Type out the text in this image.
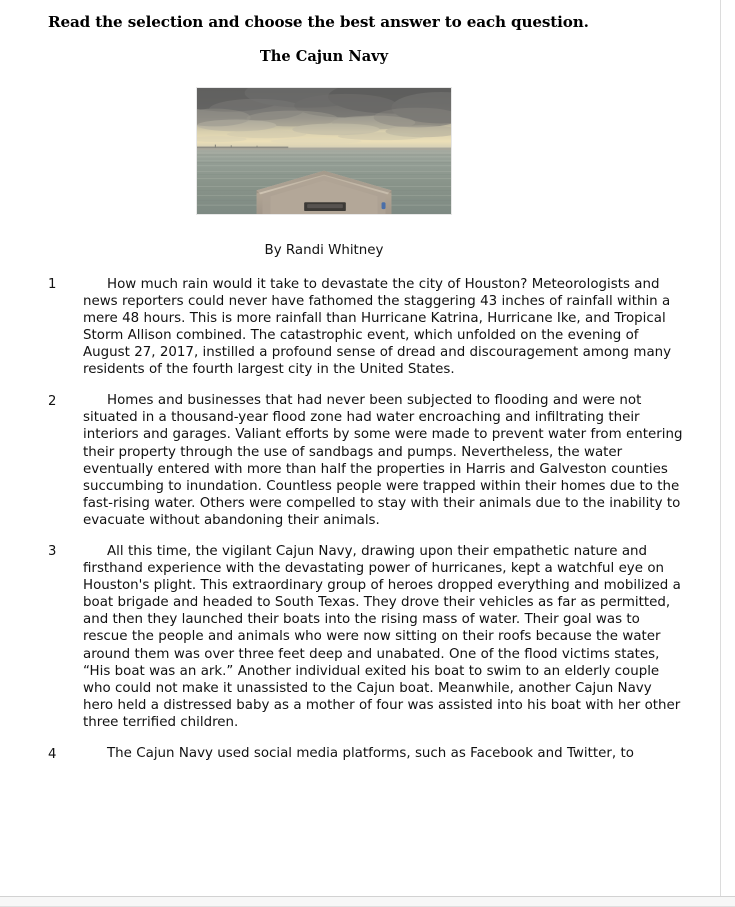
Read the selection and choose the best answer to each question.

The Cajun Navy

By Randi Whitney

1	How much rain would it take to devastate the city of Houston? Meteorologists and news reporters could never have fathomed the staggering 43 inches of rainfall within a mere 48 hours. This is more rainfall than Hurricane Katrina, Hurricane Ike, and Tropical Storm Allison combined. The catastrophic event, which unfolded on the evening of August 27, 2017, instilled a profound sense of dread and discouragement among many residents of the fourth largest city in the United States.
2	Homes and businesses that had never been subjected to flooding and were not situated in a thousand-year flood zone had water encroaching and infiltrating their interiors and garages. Valiant efforts by some were made to prevent water from entering their property through the use of sandbags and pumps. Nevertheless, the water eventually entered with more than half the properties in Harris and Galveston counties succumbing to inundation. Countless people were trapped within their homes due to the fast-rising water. Others were compelled to stay with their animals due to the inability to evacuate without abandoning their animals.
3	All this time, the vigilant Cajun Navy, drawing upon their empathetic nature and firsthand experience with the devastating power of hurricanes, kept a watchful eye on Houston's plight. This extraordinary group of heroes dropped everything and mobilized a boat brigade and headed to South Texas. They drove their vehicles as far as permitted, and then they launched their boats into the rising mass of water. Their goal was to rescue the people and animals who were now sitting on their roofs because the water around them was over three feet deep and unabated. One of the flood victims states, “His boat was an ark.” Another individual exited his boat to swim to an elderly couple who could not make it unassisted to the Cajun boat. Meanwhile, another Cajun Navy hero held a distressed baby as a mother of four was assisted into his boat with her other three terrified children.
4	The Cajun Navy used social media platforms, such as Facebook and Twitter, to
